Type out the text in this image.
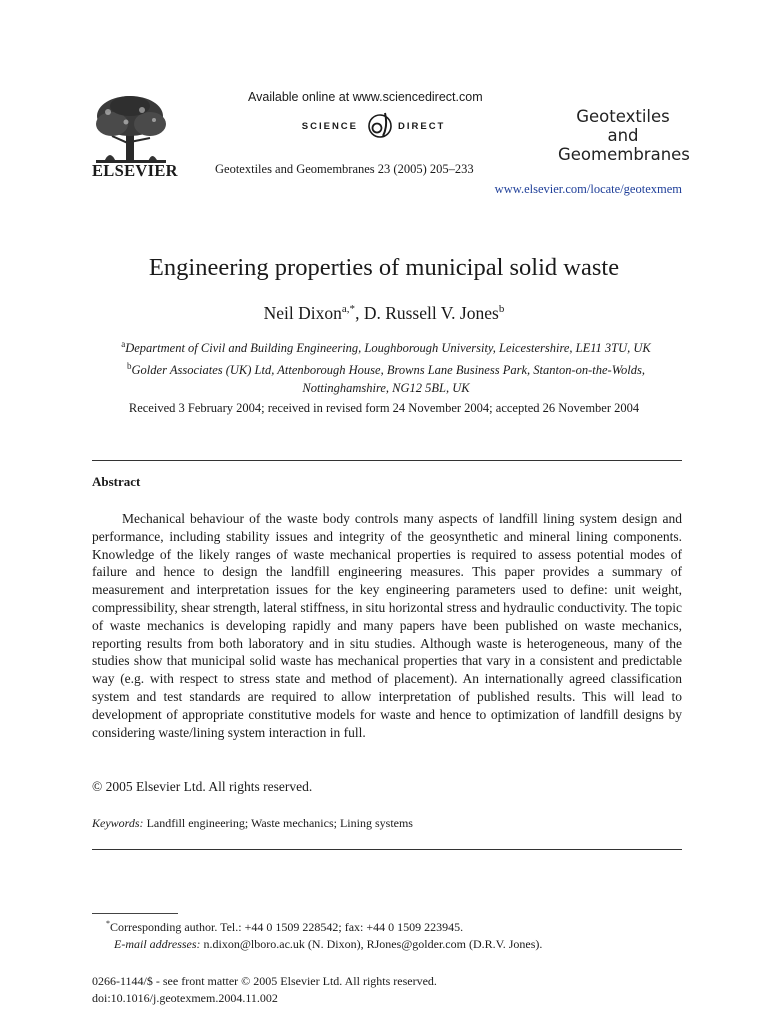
ELSEVIER
Available online at www.sciencedirect.com
SCIENCE	DIRECT
Geotextiles and Geomembranes 23 (2005) 205–233
Geotextiles
and
Geomembranes
www.elsevier.com/locate/geotexmem
Engineering properties of municipal solid waste
Neil Dixon$^{a,*}$, D. Russell V. Jones$^b$
$^a$Department of Civil and Building Engineering, Loughborough University, Leicestershire, LE11 3TU, UK
$^b$Golder Associates (UK) Ltd, Attenborough House, Browns Lane Business Park, Stanton-on-the-Wolds, Nottinghamshire, NG12 5BL, UK
Received 3 February 2004; received in revised form 24 November 2004; accepted 26 November 2004
Abstract

Mechanical behaviour of the waste body controls many aspects of landfill lining system design and performance, including stability issues and integrity of the geosynthetic and mineral lining components. Knowledge of the likely ranges of waste mechanical properties is required to assess potential modes of failure and hence to design the landfill engineering measures. This paper provides a summary of measurement and interpretation issues for the key engineering parameters used to define: unit weight, compressibility, shear strength, lateral stiffness, in situ horizontal stress and hydraulic conductivity. The topic of waste mechanics is developing rapidly and many papers have been published on waste mechanics, reporting results from both laboratory and in situ studies. Although waste is heterogeneous, many of the studies show that municipal solid waste has mechanical properties that vary in a consistent and predictable way (e.g. with respect to stress state and method of placement). An internationally agreed classification system and test standards are required to allow interpretation of published results. This will lead to development of appropriate constitutive models for waste and hence to optimization of landfill designs by considering waste/lining system interaction in full.

© 2005 Elsevier Ltd. All rights reserved.
Keywords: Landfill engineering; Waste mechanics; Lining systems
*Corresponding author. Tel.: +44 0 1509 228542; fax: +44 0 1509 223945.
E-mail addresses: n.dixon@lboro.ac.uk (N. Dixon), RJones@golder.com (D.R.V. Jones).
0266-1144/$ - see front matter © 2005 Elsevier Ltd. All rights reserved.
doi:10.1016/j.geotexmem.2004.11.002
